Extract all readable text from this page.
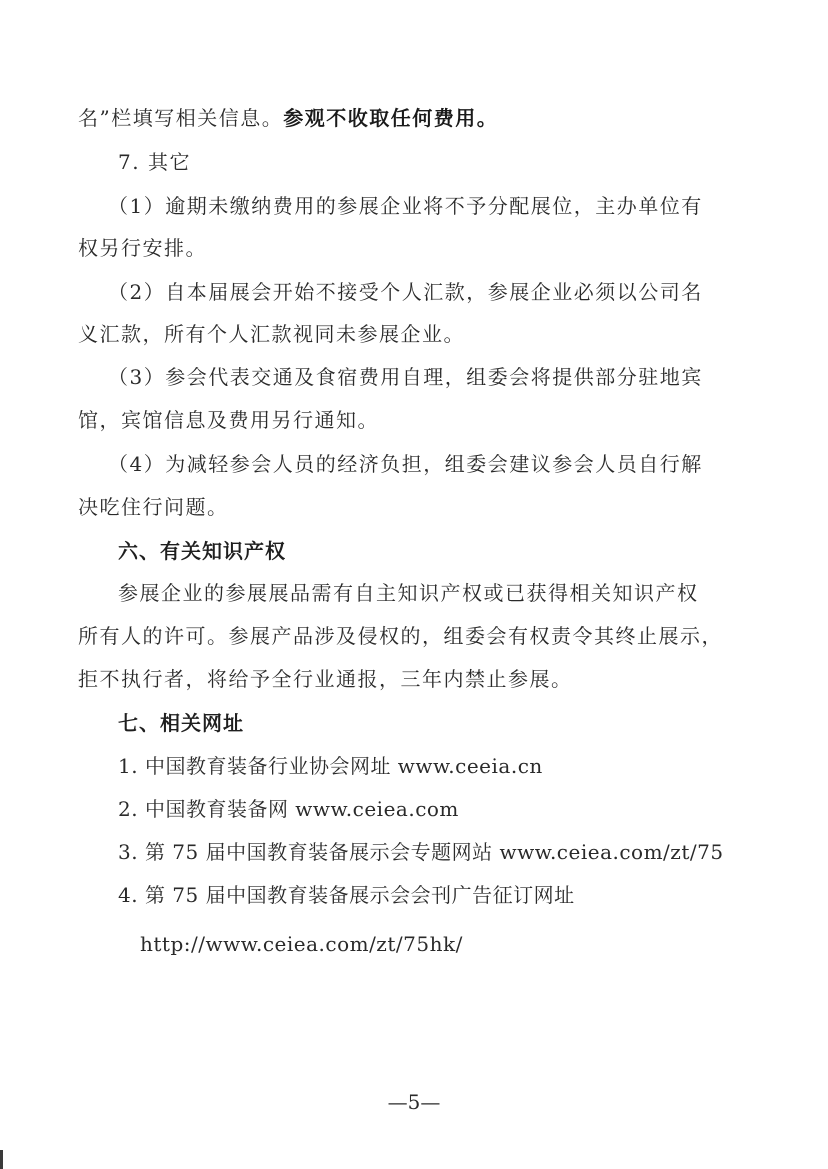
名”栏填写相关信息。参观不收取任何费用。
7. 其它
（1）逾期未缴纳费用的参展企业将不予分配展位，主办单位有
权另行安排。
（2）自本届展会开始不接受个人汇款，参展企业必须以公司名
义汇款，所有个人汇款视同未参展企业。
（3）参会代表交通及食宿费用自理，组委会将提供部分驻地宾
馆，宾馆信息及费用另行通知。
（4）为减轻参会人员的经济负担，组委会建议参会人员自行解
决吃住行问题。
六、有关知识产权
参展企业的参展展品需有自主知识产权或已获得相关知识产权
所有人的许可。参展产品涉及侵权的，组委会有权责令其终止展示，
拒不执行者，将给予全行业通报，三年内禁止参展。
七、相关网址
1. 中国教育装备行业协会网址 www.ceeia.cn
2. 中国教育装备网 www.ceiea.com
3. 第 75 届中国教育装备展示会专题网站 www.ceiea.com/zt/75
4. 第 75 届中国教育装备展示会会刊广告征订网址
http://www.ceiea.com/zt/75hk/
—5—
